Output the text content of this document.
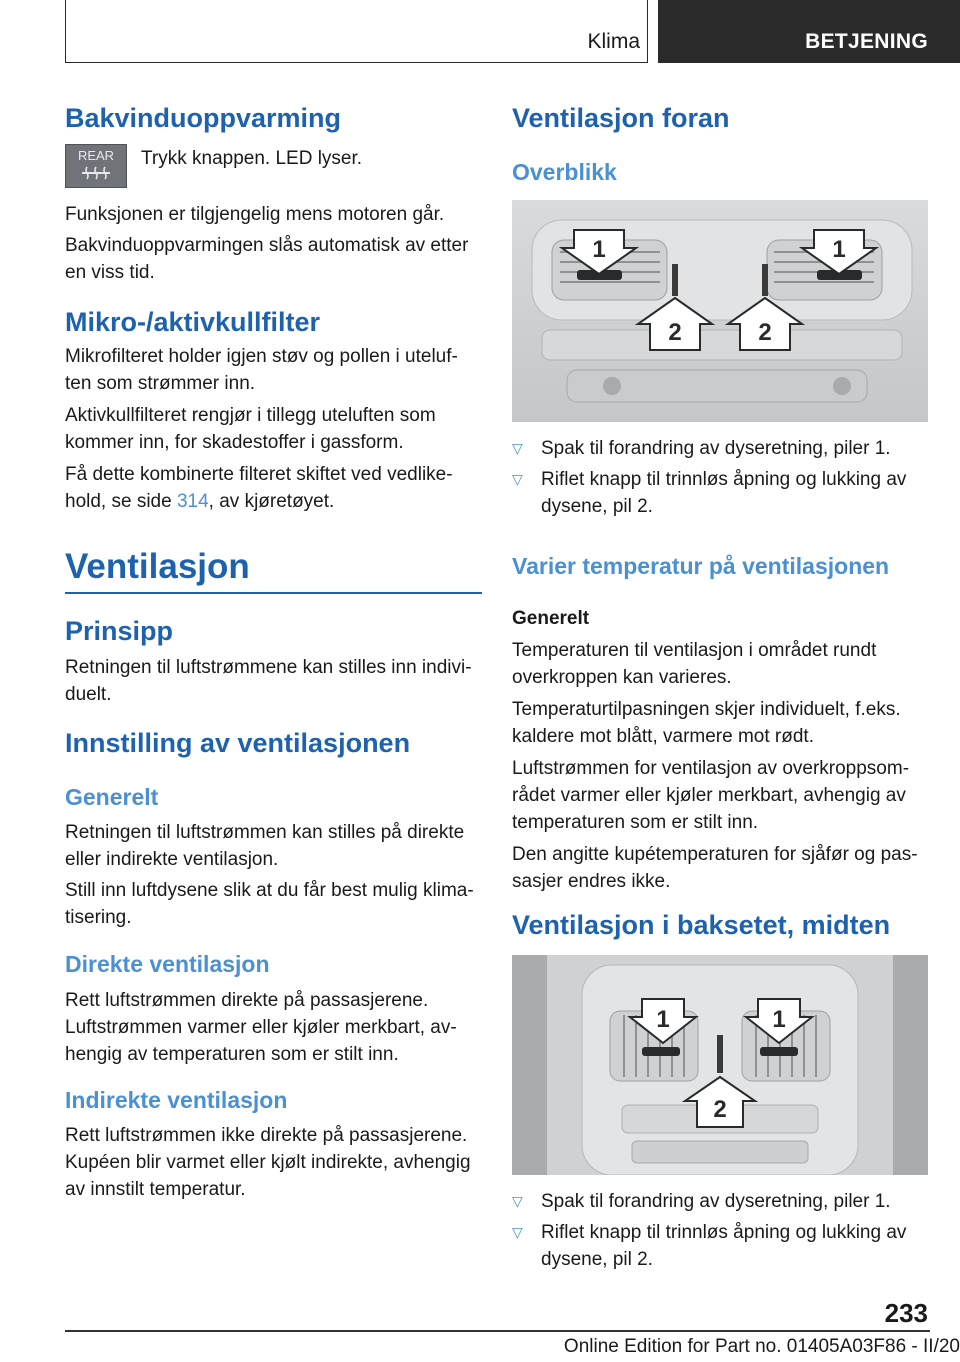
Klima	BETJENING
Bakvinduoppvarming
REAR	Trykk knappen. LED lyser.
Funksjonen er tilgjengelig mens motoren går.
Bakvinduoppvarmingen slås automatisk av etter
en viss tid.
Mikro-/aktivkullfilter
Mikrofilteret holder igjen støv og pollen i uteluf-
ten som strømmer inn.
Aktivkullfilteret rengjør i tillegg uteluften som
kommer inn, for skadestoffer i gassform.
Få dette kombinerte filteret skiftet ved vedlike-
hold, se side 314, av kjøretøyet.
Ventilasjon
Prinsipp
Retningen til luftstrømmene kan stilles inn indivi-
duelt.
Innstilling av ventilasjonen
Generelt
Retningen til luftstrømmen kan stilles på direkte
eller indirekte ventilasjon.
Still inn luftdysene slik at du får best mulig klima-
tisering.
Direkte ventilasjon
Rett luftstrømmen direkte på passasjerene.
Luftstrømmen varmer eller kjøler merkbart, av-
hengig av temperaturen som er stilt inn.
Indirekte ventilasjon
Rett luftstrømmen ikke direkte på passasjerene.
Kupéen blir varmet eller kjølt indirekte, avhengig
av innstilt temperatur.
Ventilasjon foran
Overblikk
1	1
2	2
▽ Spak til forandring av dyseretning, piler 1.
▽ Riflet knapp til trinnløs åpning og lukking av
dysene, pil 2.
Varier temperatur på ventilasjonen
Generelt
Temperaturen til ventilasjon i området rundt
overkroppen kan varieres.
Temperaturtilpasningen skjer individuelt, f.eks.
kaldere mot blått, varmere mot rødt.
Luftstrømmen for ventilasjon av overkroppsom-
rådet varmer eller kjøler merkbart, avhengig av
temperaturen som er stilt inn.
Den angitte kupétemperaturen for sjåfør og pas-
sasjer endres ikke.
Ventilasjon i baksetet, midten
1	1
2
▽ Spak til forandring av dyseretning, piler 1.
▽ Riflet knapp til trinnløs åpning og lukking av
dysene, pil 2.
233
Online Edition for Part no. 01405A03F86 - II/20
